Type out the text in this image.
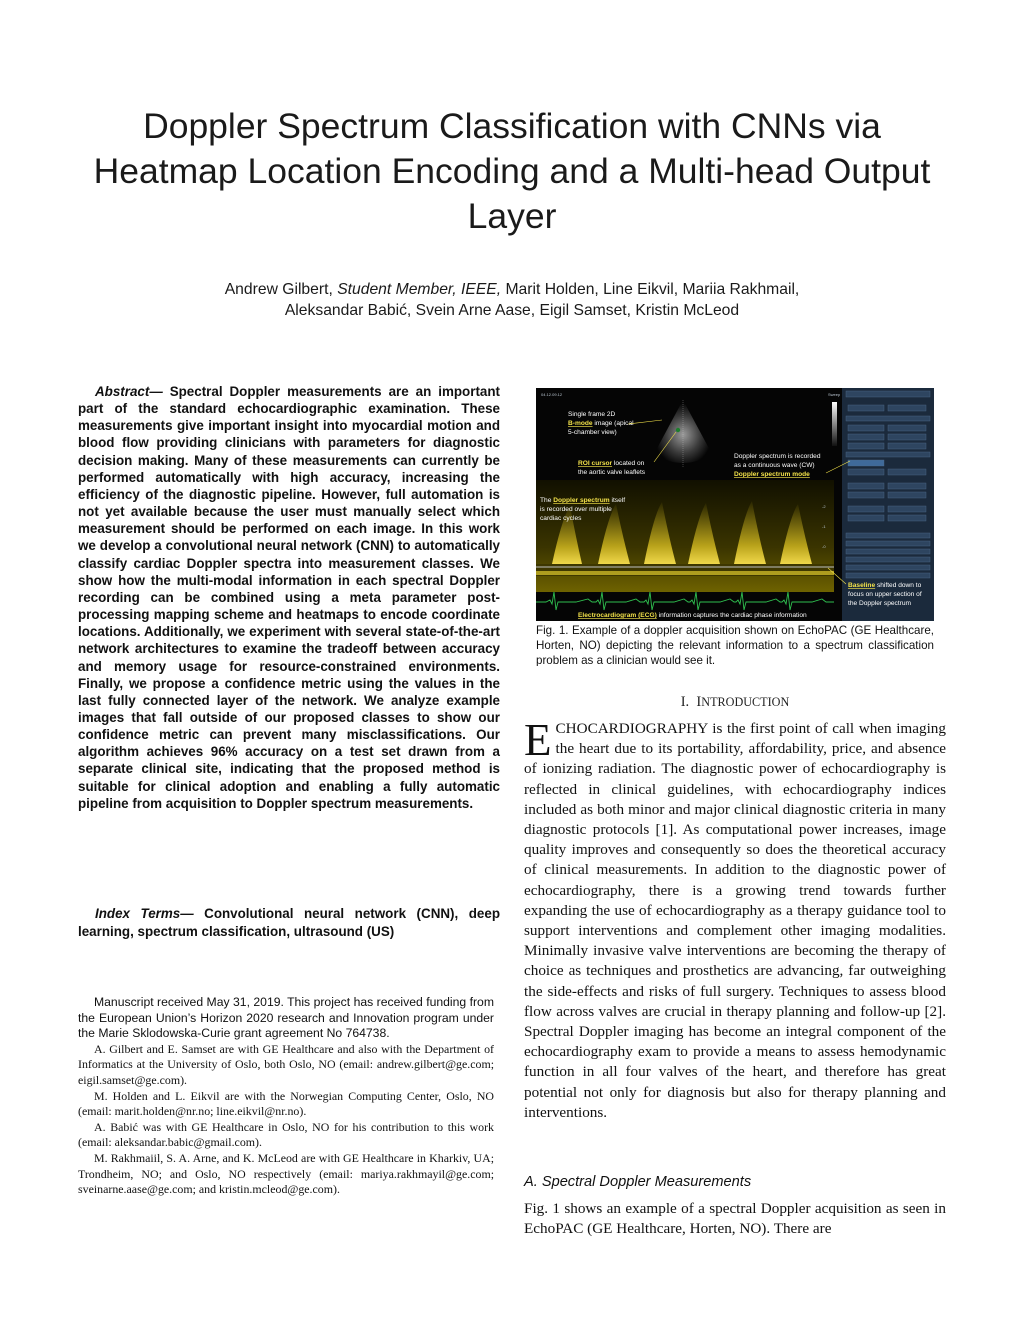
Doppler Spectrum Classification with CNNs via Heatmap Location Encoding and a Multi-head Output Layer
Andrew Gilbert, Student Member, IEEE, Marit Holden, Line Eikvil, Mariia Rakhmail,
Aleksandar Babić, Svein Arne Aase, Eigil Samset, Kristin McLeod
Abstract— Spectral Doppler measurements are an important part of the standard echocardiographic examination. These measurements give important insight into myocardial motion and blood flow providing clinicians with parameters for diagnostic decision making. Many of these measurements can currently be performed automatically with high accuracy, increasing the efficiency of the diagnostic pipeline. However, full automation is not yet available because the user must manually select which measurement should be performed on each image. In this work we develop a convolutional neural network (CNN) to automatically classify cardiac Doppler spectra into measurement classes. We show how the multi-modal information in each spectral Doppler recording can be combined using a meta parameter post-processing mapping scheme and heatmaps to encode coordinate locations. Additionally, we experiment with several state-of-the-art network architectures to examine the tradeoff between accuracy and memory usage for resource-constrained environments. Finally, we propose a confidence metric using the values in the last fully connected layer of the network. We analyze example images that fall outside of our proposed classes to show our confidence metric can prevent many misclassifications. Our algorithm achieves 96% accuracy on a test set drawn from a separate clinical site, indicating that the proposed method is suitable for clinical adoption and enabling a fully automatic pipeline from acquisition to Doppler spectrum measurements.
Index Terms— Convolutional neural network (CNN), deep learning, spectrum classification, ultrasound (US)

Manuscript received May 31, 2019. This project has received funding from the European Union’s Horizon 2020 research and Innovation program under the Marie Sklodowska-Curie grant agreement No 764738.

A. Gilbert and E. Samset are with GE Healthcare and also with the Department of Informatics at the University of Oslo, both Oslo, NO (email: andrew.gilbert@ge.com; eigil.samset@ge.com).

M. Holden and L. Eikvil are with the Norwegian Computing Center, Oslo, NO (email: marit.holden@nr.no; line.eikvil@nr.no).

A. Babić was with GE Healthcare in Oslo, NO for his contribution to this work (email: aleksandar.babic@gmail.com).

M. Rakhmaiil, S. A. Arne, and K. McLeod are with GE Healthcare in Kharkiv, UA; Trondheim, NO; and Oslo, NO respectively (email: mariya.rakhmayil@ge.com; sveinarne.aase@ge.com; and kristin.mcleod@ge.com).

-2
-1
-0
04.12.09.12	Sweep
Single frame 2D
B-mode image (apical
5-chamber view)
ROI cursor located on
the aortic valve leaflets
The Doppler spectrum itself
is recorded over multiple
cardiac cycles
Doppler spectrum is recorded
as a continuous wave (CW)
Doppler spectrum mode
Baseline shifted down to
focus on upper section of
the Doppler spectrum
Electrocardiogram (ECG) information captures the cardiac phase information
Fig. 1. Example of a doppler acquisition shown on EchoPAC (GE Healthcare, Horten, NO) depicting the relevant information to a spectrum classification problem as a clinician would see it.
I. INTRODUCTION

ECHOCARDIOGRAPHY is the first point of call when imaging the heart due to its portability, affordability, price, and absence of ionizing radiation. The diagnostic power of echocardiography is reflected in clinical guidelines, with echocardiography indices included as both minor and major clinical diagnostic criteria in many diagnostic protocols [1]. As computational power increases, image quality improves and consequently so does the theoretical accuracy of clinical measurements. In addition to the diagnostic power of echocardiography, there is a growing trend towards further expanding the use of echocardiography as a therapy guidance tool to support interventions and complement other imaging modalities. Minimally invasive valve interventions are becoming the therapy of choice as techniques and prosthetics are advancing, far outweighing the side-effects and risks of full surgery. Techniques to assess blood flow across valves are crucial in therapy planning and follow-up [2]. Spectral Doppler imaging has become an integral component of the echocardiography exam to provide a means to assess hemodynamic function in all four valves of the heart, and therefore has great potential not only for diagnosis but also for therapy planning and interventions.

A. Spectral Doppler Measurements

Fig. 1 shows an example of a spectral Doppler acquisition as seen in EchoPAC (GE Healthcare, Horten, NO). There are
